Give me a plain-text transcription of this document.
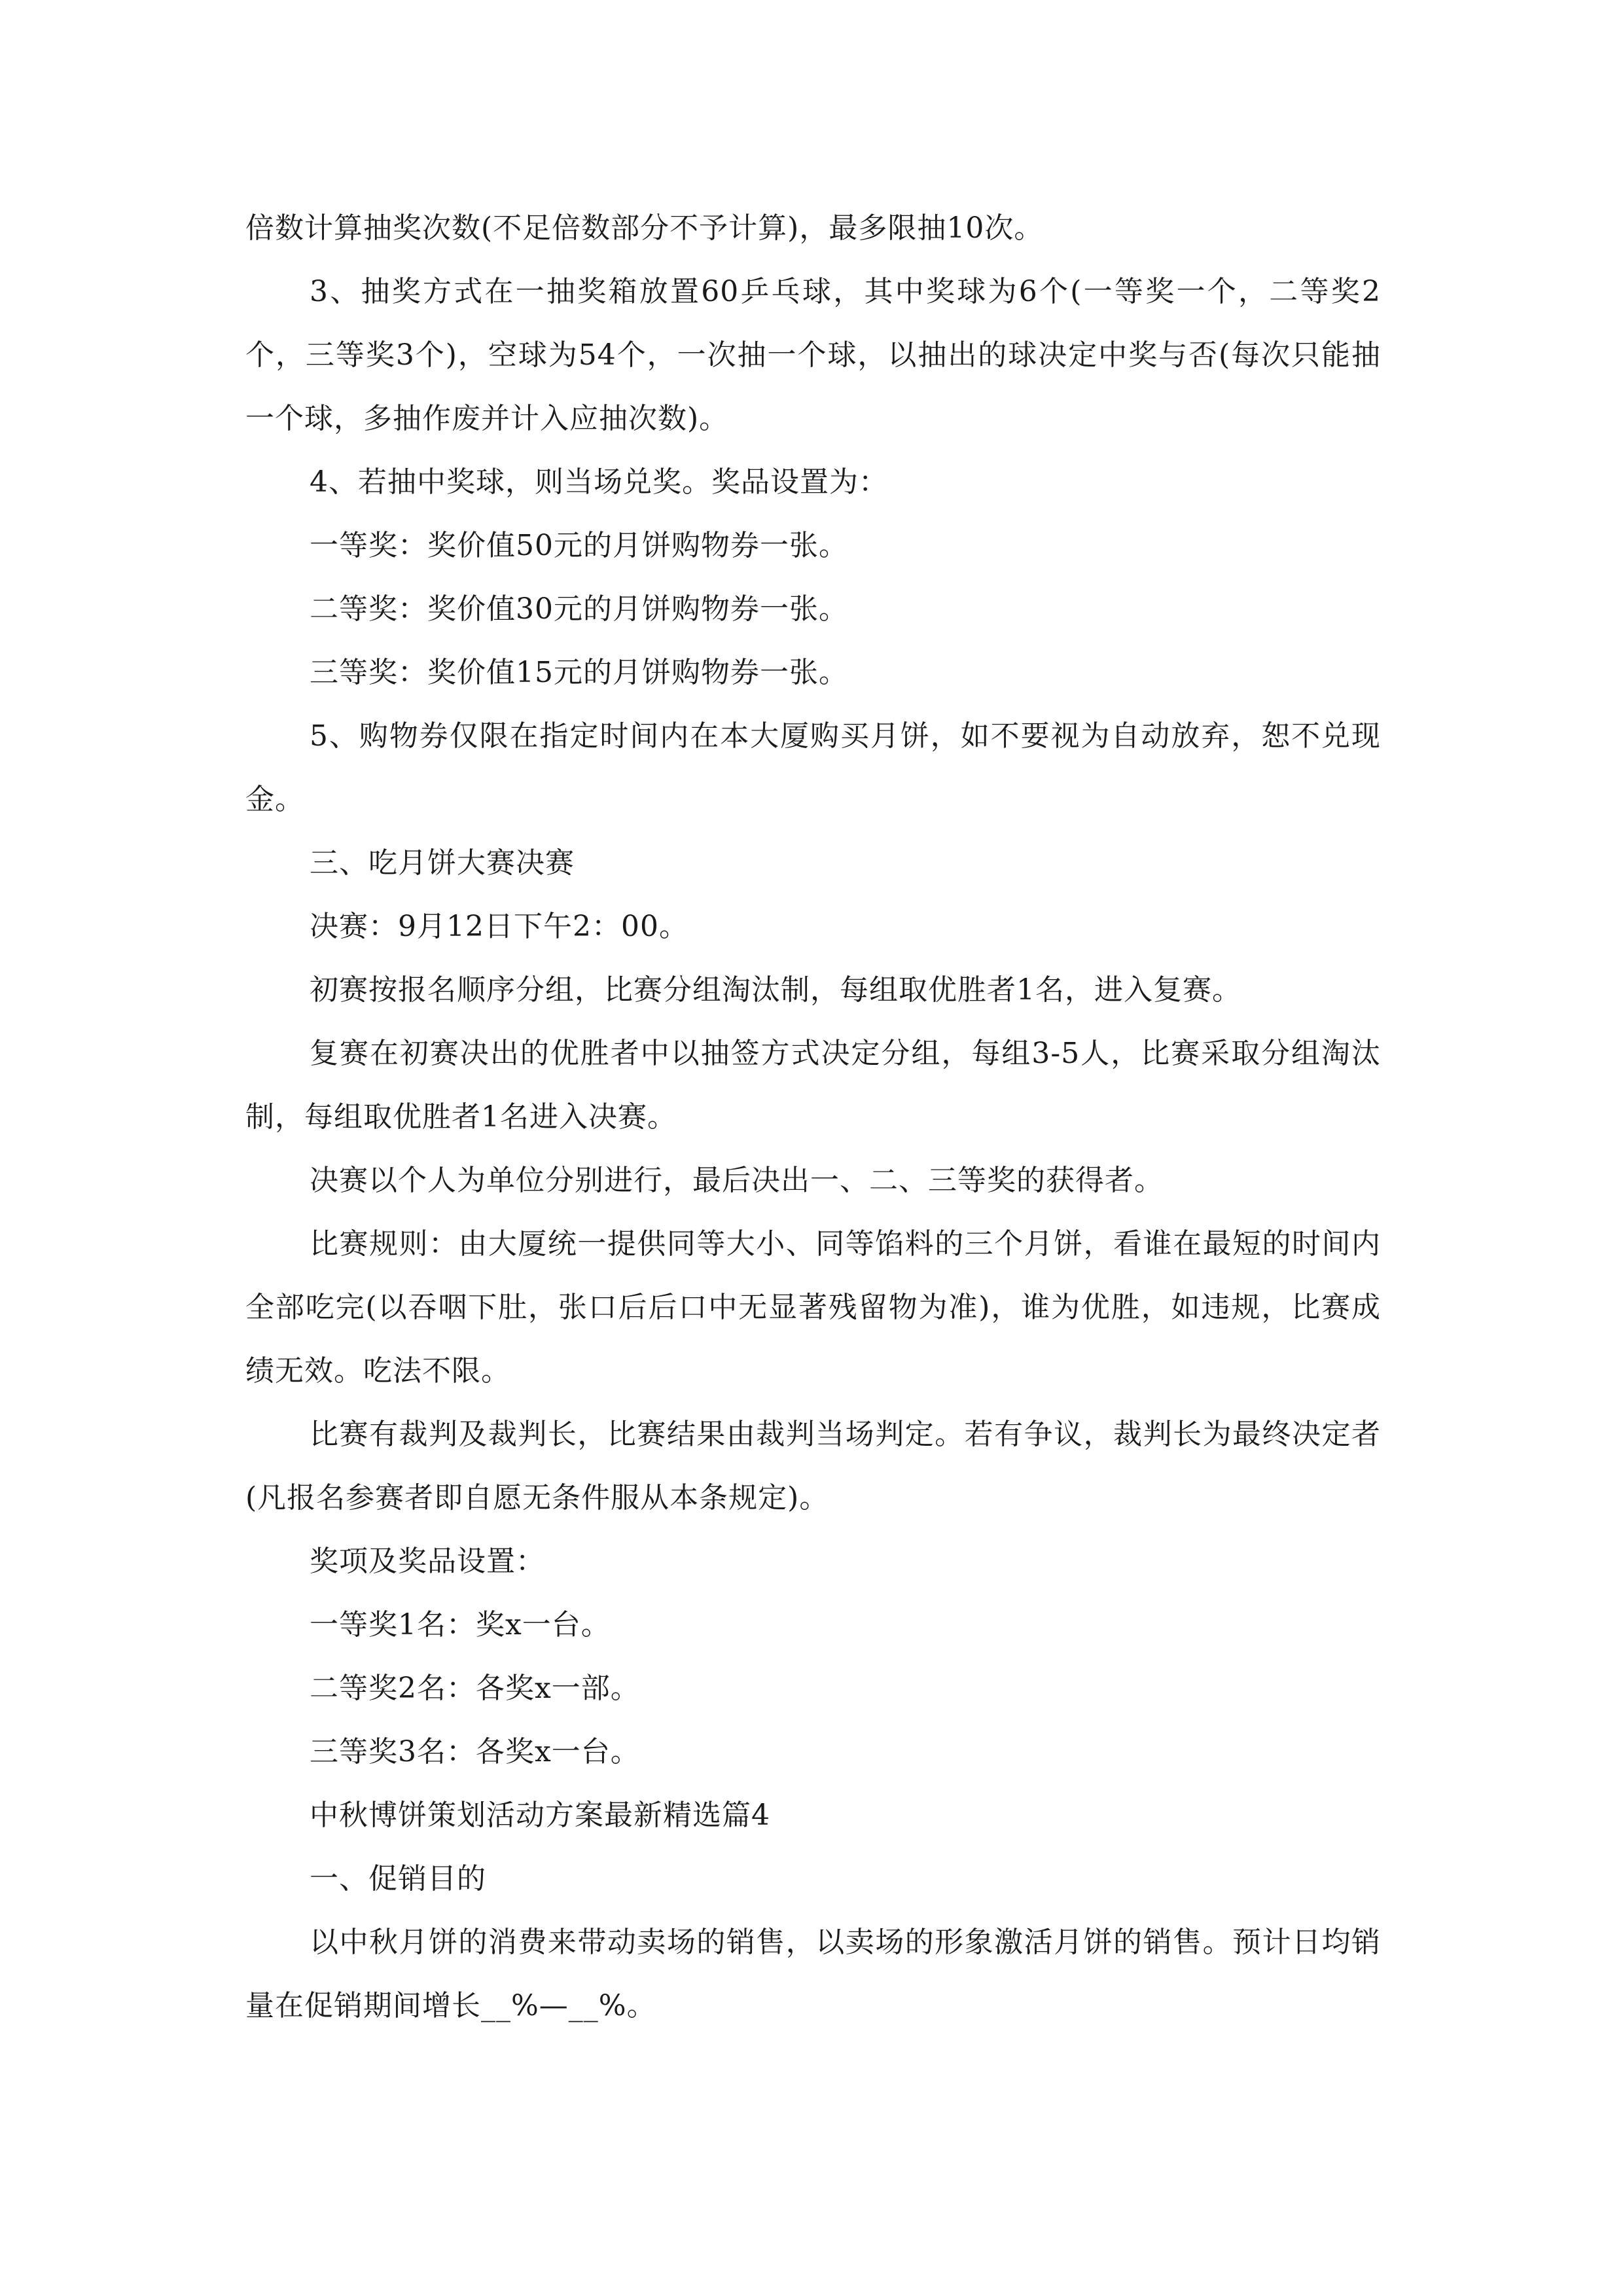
倍数计算抽奖次数(不足倍数部分不予计算)，最多限抽10次。

3、抽奖方式在一抽奖箱放置60乒乓球，其中奖球为6个(一等奖一个，二等奖2个，三等奖3个)，空球为54个，一次抽一个球，以抽出的球决定中奖与否(每次只能抽一个球，多抽作废并计入应抽次数)。

4、若抽中奖球，则当场兑奖。奖品设置为：

一等奖：奖价值50元的月饼购物券一张。

二等奖：奖价值30元的月饼购物券一张。

三等奖：奖价值15元的月饼购物券一张。

5、购物券仅限在指定时间内在本大厦购买月饼，如不要视为自动放弃，恕不兑现金。

三、吃月饼大赛决赛

决赛：9月12日下午2：00。

初赛按报名顺序分组，比赛分组淘汰制，每组取优胜者1名，进入复赛。

复赛在初赛决出的优胜者中以抽签方式决定分组，每组3-5人，比赛采取分组淘汰制，每组取优胜者1名进入决赛。

决赛以个人为单位分别进行，最后决出一、二、三等奖的获得者。

比赛规则：由大厦统一提供同等大小、同等馅料的三个月饼，看谁在最短的时间内全部吃完(以吞咽下肚，张口后后口中无显著残留物为准)，谁为优胜，如违规，比赛成绩无效。吃法不限。

比赛有裁判及裁判长，比赛结果由裁判当场判定。若有争议，裁判长为最终决定者(凡报名参赛者即自愿无条件服从本条规定)。

奖项及奖品设置：

一等奖1名：奖x一台。

二等奖2名：各奖x一部。

三等奖3名：各奖x一台。

中秋博饼策划活动方案最新精选篇4

一、促销目的

以中秋月饼的消费来带动卖场的销售，以卖场的形象激活月饼的销售。预计日均销量在促销期间增长__%—__%。
